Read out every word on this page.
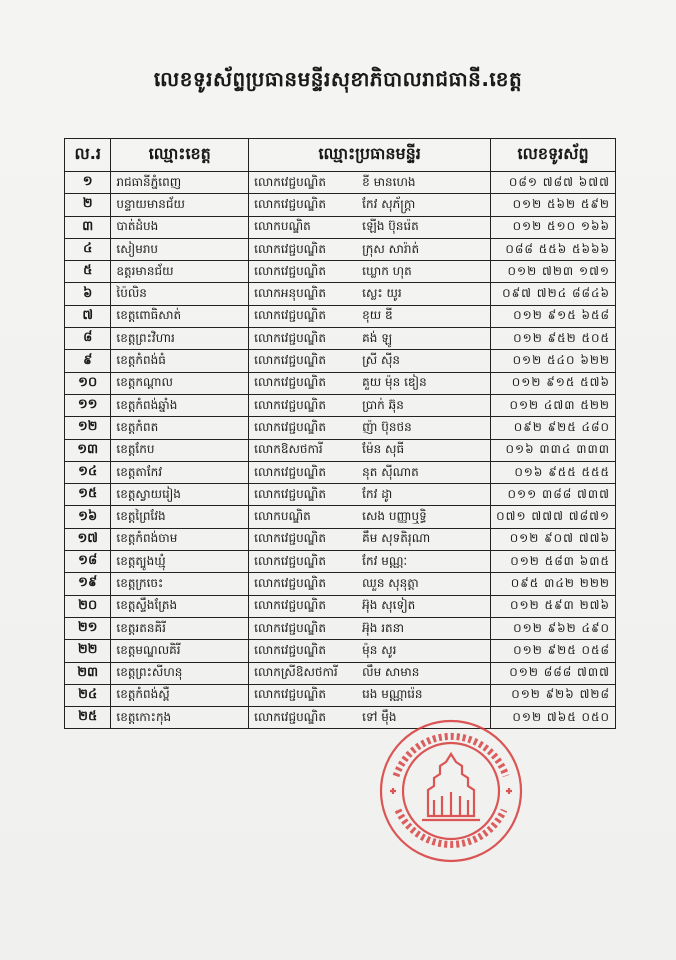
លេខទូរស័ព្ទប្រធានមន្ទីរសុខាភិបាលរាជធានី.ខេត្ត
ល.រ	ឈ្មោះខេត្ត	ឈ្មោះប្រធានមន្ទីរ	លេខទូរស័ព្ទ
១	រាជធានីភ្នំពេញ	លោកវេជ្ជបណ្ឌិត ខី មានហេង	០៨១ ៧៨៧ ៦៧៧
២	បន្ទាយមានជ័យ	លោកវេជ្ជបណ្ឌិត កែវ សុភ័ក្ត្រា	០១២ ៥៦២ ៥៩២
៣	បាត់ដំបង	លោកបណ្ឌិត ឡើង ប៊ុនរ៉េត	០១២ ៥១០ ១៦៦
៤	សៀមរាប	លោកវេជ្ជបណ្ឌិត ក្រុស សារ៉ាត់	០៨៨ ៥៥៦ ៥៦៦៦
៥	ឧត្តរមានជ័យ	លោកវេជ្ជបណ្ឌិត ឃ្លោក ហុត	០១២ ៧២៣ ១៧១
៦	ប៉ៃលិន	លោកអនុបណ្ឌិត ស្លេះ យូរ	០៩៧ ៧២៤ ៨៨៤៦
៧	ខេត្តពោធិសាត់	លោកវេជ្ជបណ្ឌិត ខុយ ឌី	០១២ ៩១៥ ៦៥៨
៨	ខេត្តព្រះវិហារ	លោកវេជ្ជបណ្ឌិត គង់ ឡូ	០១២ ៩៥២ ៥០៥
៩	ខេត្តកំពង់ធំ	លោកវេជ្ជបណ្ឌិត ស្រី ស៊ីន	០១២ ៥៤០ ៦២២
១០	ខេត្តកណ្ដាល	លោកវេជ្ជបណ្ឌិត គួយ ម៉ុន ឌៀន	០១២ ៩១៥ ៥៧៦
១១	ខេត្តកំពង់ឆ្នាំង	លោកវេជ្ជបណ្ឌិត ប្រាក់ ឆ៊ុន	០១២ ៤៧៣ ៥២២
១២	ខេត្តកំពត	លោកវេជ្ជបណ្ឌិត ញ៉ា ប៊ុនថន	០៩២ ៩២៥ ៤៨០
១៣	ខេត្តកែប	លោកឱសថការី ម៉ែន សុធី	០១៦ ៣៣៤ ៣៣៣
១៤	ខេត្តតាកែវ	លោកវេជ្ជបណ្ឌិត នុត ស៊ីណាត	០១៦ ៩៥៥ ៥៥៥
១៥	ខេត្តស្វាយរៀង	លោកវេជ្ជបណ្ឌិត កែវ ដូា	០១១ ៣៨៨ ៧៣៧
១៦	ខេត្តព្រៃវែង	លោកបណ្ឌិត សេង បញ្ញាឬទ្ធិ	០៧១ ៧៧៧ ៧៨៧១
១៧	ខេត្តកំពង់ចាម	លោកវេជ្ជបណ្ឌិត គឹម សុទតិរុណា	០១២ ៩០៧ ៧៧៦
១៨	ខេត្តត្បូងឃ្មុំ	លោកវេជ្ជបណ្ឌិត កែវ មណ្ណៈ	០១២ ៥៨៣ ៦៣៥
១៩	ខេត្តក្រចេះ	លោកវេជ្ជបណ្ឌិត ឈួន សុនុត្តា	០៩៥ ៣៤២ ២២២
២០	ខេត្តស្ទឹងត្រែង	លោកវេជ្ជបណ្ឌិត អ៊ុង សុទៀត	០១២ ៥៩៣ ២៧៦
២១	ខេត្តរតនគិរី	លោកវេជ្ជបណ្ឌិត អ៊ុង រតនា	០១២ ៩៦២ ៤៩០
២២	ខេត្តមណ្ឌលគិរី	លោកវេជ្ជបណ្ឌិត ម៉ុន សូរ	០១២ ៩២៥ ០៥៨
២៣	ខេត្តព្រះសីហនុ	លោកស្រីឱសថការី លឹម សាមាន	០១២ ៨៨៨ ៧៣៧
២៤	ខេត្តកំពង់ស្ពឺ	លោកវេជ្ជបណ្ឌិត រេង មណ្ណារ៉េន	០១២ ៩២៦ ៧២៨
២៥	ខេត្តកោះកុង	លោកវេជ្ជបណ្ឌិត ទៅ ម៉ឹង	០១២ ៧៦៥ ០៥០
